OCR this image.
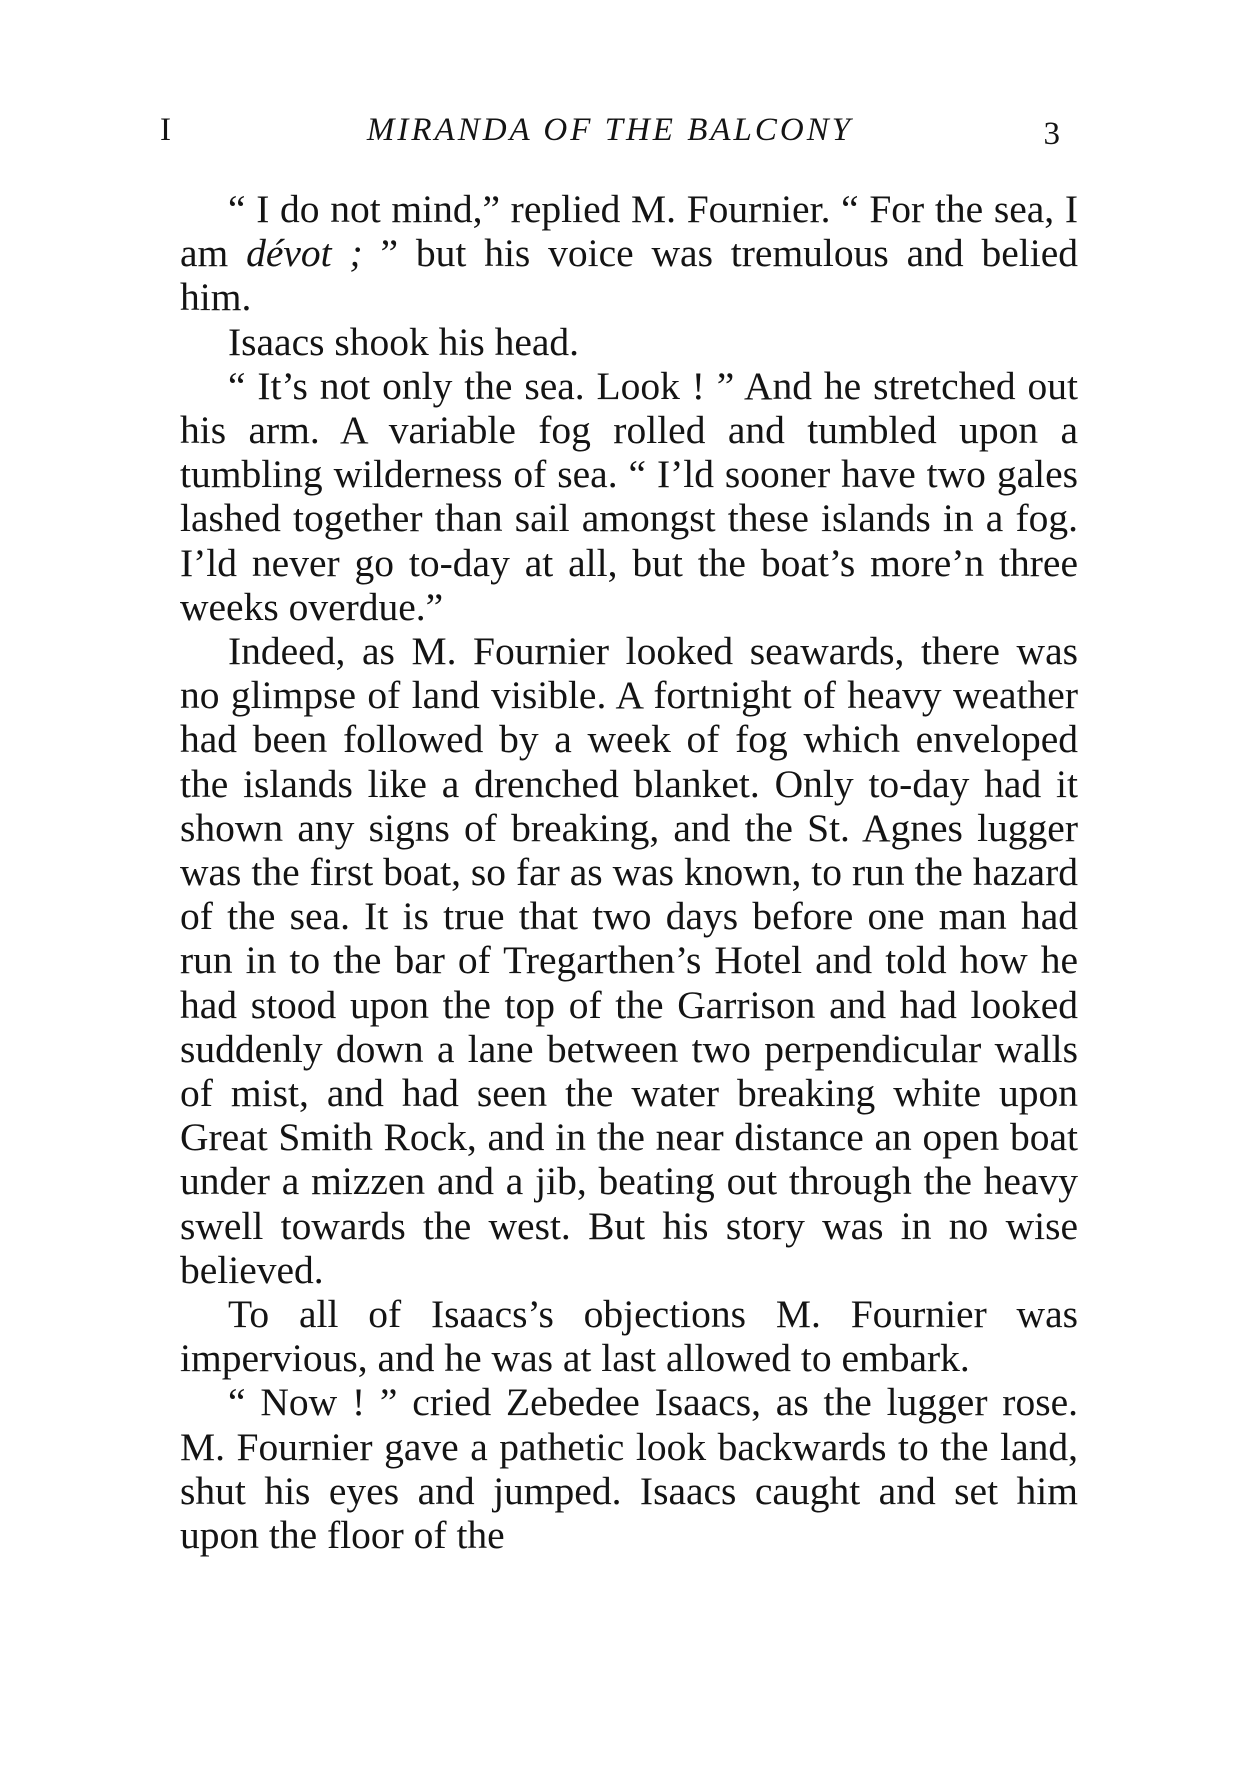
I	MIRANDA OF THE BALCONY	3

“ I do not mind,” replied M. Fournier. “ For the sea, I am dévot ; ” but his voice was tremulous and belied him.

Isaacs shook his head.

“ It’s not only the sea. Look ! ” And he stretched out his arm. A variable fog rolled and tumbled upon a tumbling wilderness of sea. “ I’ld sooner have two gales lashed together than sail amongst these islands in a fog. I’ld never go to-day at all, but the boat’s more’n three weeks overdue.”

Indeed, as M. Fournier looked seawards, there was no glimpse of land visible. A fortnight of heavy weather had been followed by a week of fog which enveloped the islands like a drenched blanket. Only to-day had it shown any signs of breaking, and the St. Agnes lugger was the first boat, so far as was known, to run the hazard of the sea. It is true that two days before one man had run in to the bar of Tregarthen’s Hotel and told how he had stood upon the top of the Garrison and had looked suddenly down a lane between two perpendicular walls of mist, and had seen the water breaking white upon Great Smith Rock, and in the near distance an open boat under a mizzen and a jib, beating out through the heavy swell towards the west. But his story was in no wise believed.

To all of Isaacs’s objections M. Fournier was impervious, and he was at last allowed to embark.

“ Now ! ” cried Zebedee Isaacs, as the lugger rose. M. Fournier gave a pathetic look backwards to the land, shut his eyes and jumped. Isaacs caught and set him upon the floor of the
